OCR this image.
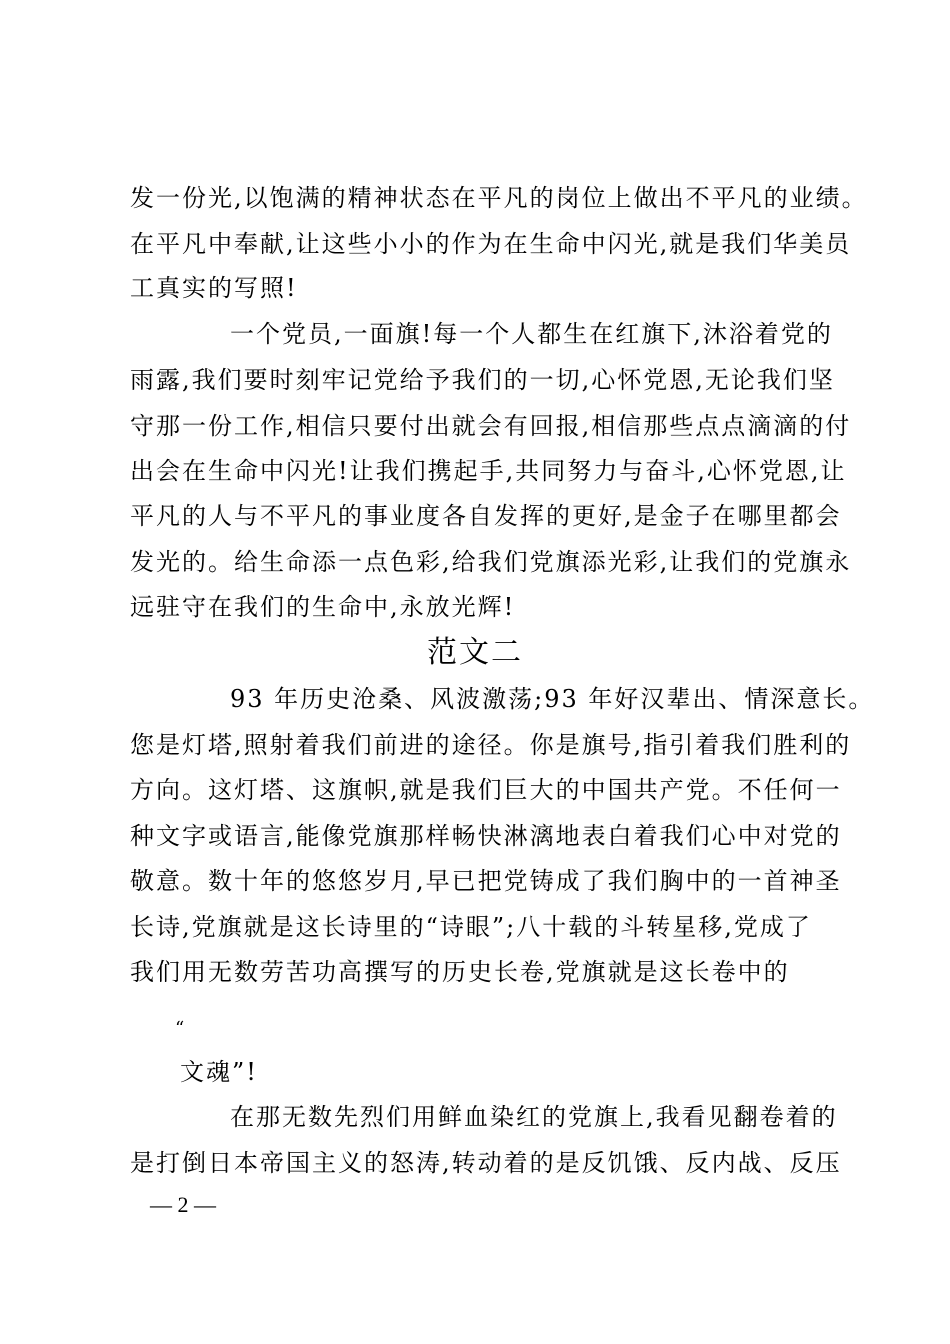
发一份光,以饱满的精神状态在平凡的岗位上做出不平凡的业绩。
在平凡中奉献,让这些小小的作为在生命中闪光,就是我们华美员
工真实的写照!
一个党员,一面旗!每一个人都生在红旗下,沐浴着党的
雨露,我们要时刻牢记党给予我们的一切,心怀党恩,无论我们坚
守那一份工作,相信只要付出就会有回报,相信那些点点滴滴的付
出会在生命中闪光!让我们携起手,共同努力与奋斗,心怀党恩,让
平凡的人与不平凡的事业度各自发挥的更好,是金子在哪里都会
发光的。给生命添一点色彩,给我们党旗添光彩,让我们的党旗永
远驻守在我们的生命中,永放光辉!
范文二
93 年历史沧桑、风波激荡;93 年好汉辈出、情深意长。
您是灯塔,照射着我们前进的途径。你是旗号,指引着我们胜利的
方向。这灯塔、这旗帜,就是我们巨大的中国共产党。不任何一
种文字或语言,能像党旗那样畅快淋漓地表白着我们心中对党的
敬意。数十年的悠悠岁月,早已把党铸成了我们胸中的一首神圣
长诗,党旗就是这长诗里的“诗眼”;八十载的斗转星移,党成了
我们用无数劳苦功高撰写的历史长卷,党旗就是这长卷中的
“
文魂”!
在那无数先烈们用鲜血染红的党旗上,我看见翻卷着的
是打倒日本帝国主义的怒涛,转动着的是反饥饿、反内战、反压
— 2 —
